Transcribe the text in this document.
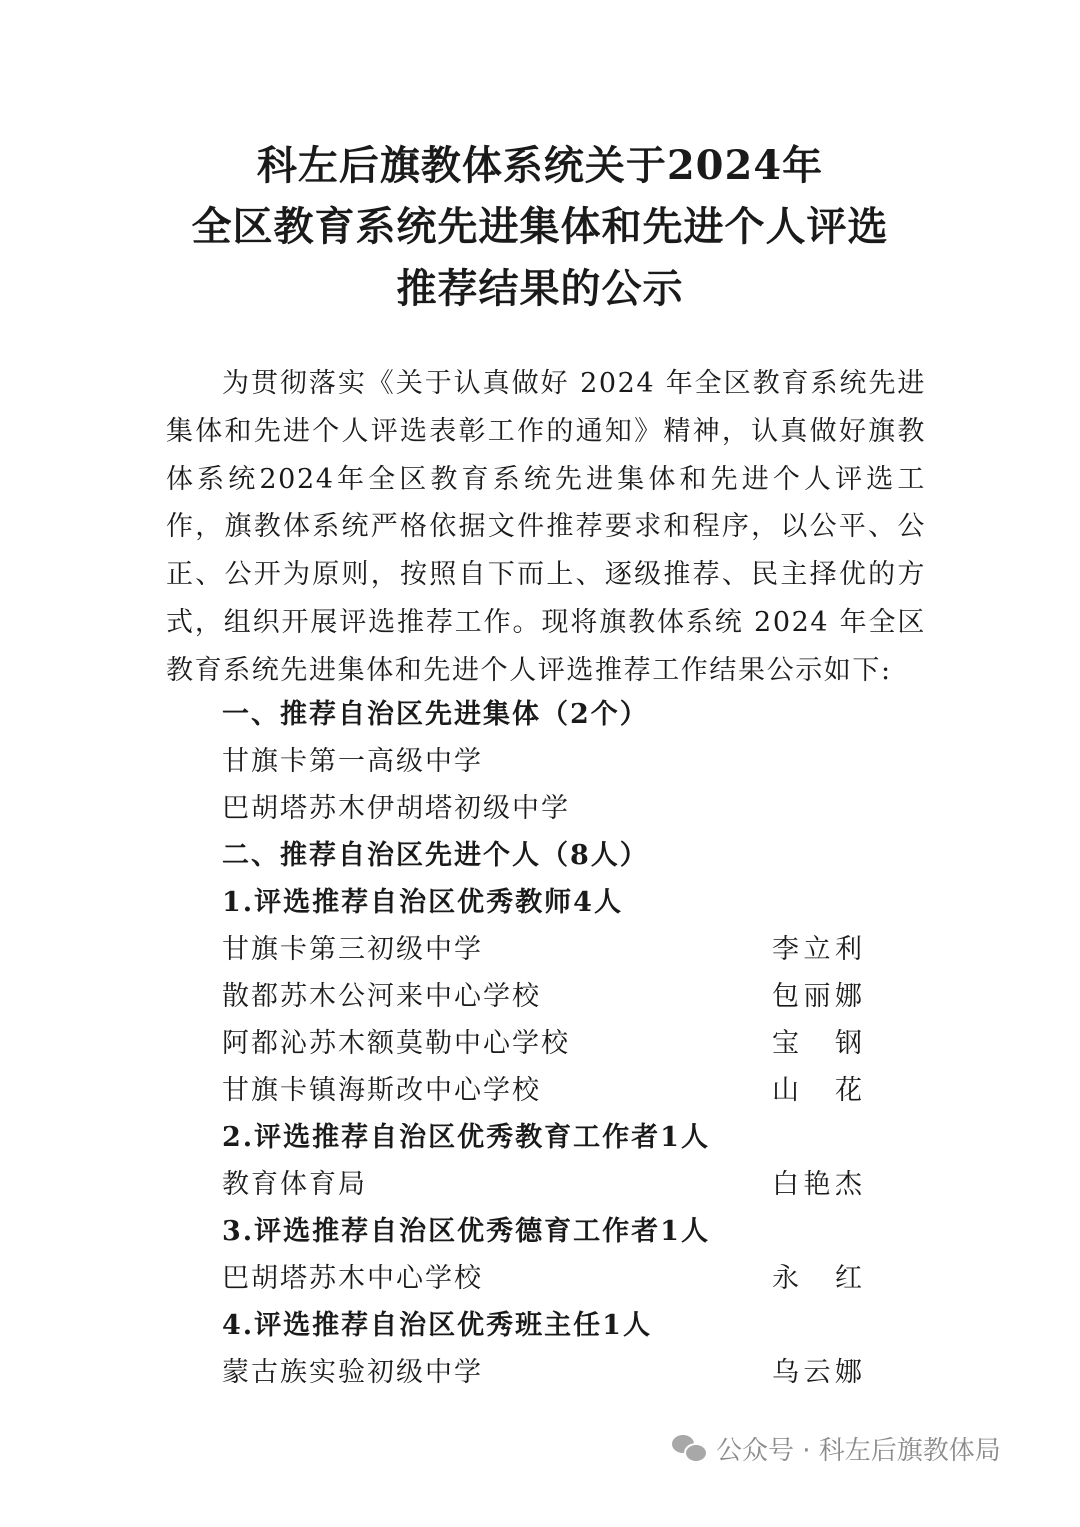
科左后旗教体系统关于2024年
全区教育系统先进集体和先进个人评选
推荐结果的公示

为贯彻落实《关于认真做好 2024 年全区教育系统先进集体和先进个人评选表彰工作的通知》精神，认真做好旗教体系统2024年全区教育系统先进集体和先进个人评选工作，旗教体系统严格依据文件推荐要求和程序，以公平、公正、公开为原则，按照自下而上、逐级推荐、民主择优的方式，组织开展评选推荐工作。现将旗教体系统 2024 年全区教育系统先进集体和先进个人评选推荐工作结果公示如下:

一、推荐自治区先进集体（2个）
甘旗卡第一高级中学
巴胡塔苏木伊胡塔初级中学
二、推荐自治区先进个人（8人）
1.评选推荐自治区优秀教师4人
甘旗卡第三初级中学	李立利
散都苏木公河来中心学校	包丽娜
阿都沁苏木额莫勒中心学校	宝钢
甘旗卡镇海斯改中心学校	山花
2.评选推荐自治区优秀教育工作者1人
教育体育局	白艳杰
3.评选推荐自治区优秀德育工作者1人
巴胡塔苏木中心学校	永红
4.评选推荐自治区优秀班主任1人
蒙古族实验初级中学	乌云娜
公众号 · 科左后旗教体局
